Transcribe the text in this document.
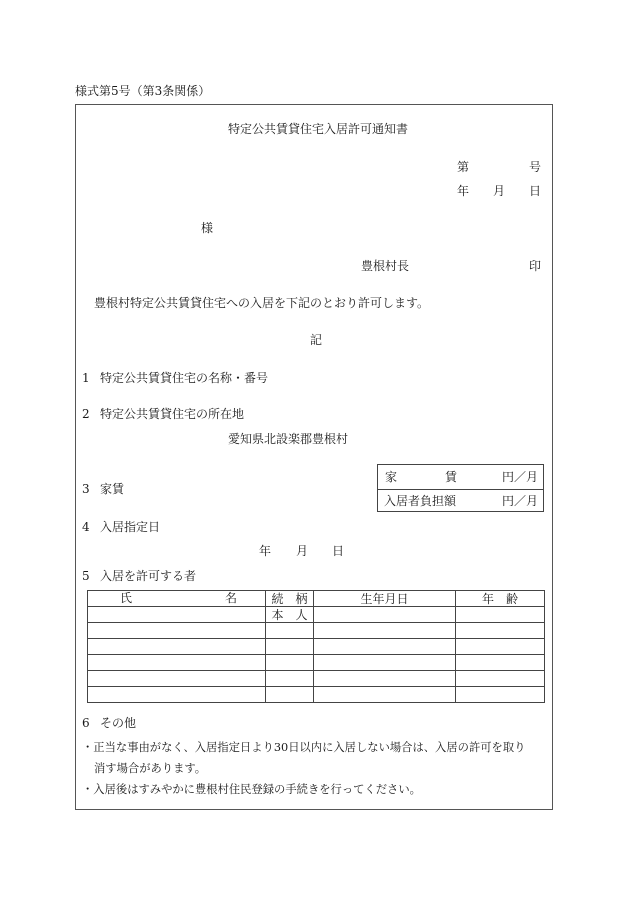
様式第5号（第3条関係）
特定公共賃貸住宅入居許可通知書
第	号
年 月 日
様
豊根村長	印
豊根村特定公共賃貸住宅への入居を下記のとおり許可します。
記
1 特定公共賃貸住宅の名称・番号
2 特定公共賃貸住宅の所在地
愛知県北設楽郡豊根村
3 家賃
家	賃	円／月
入居者負担額	円／月
4 入居指定日
年 月 日
5 入居を許可する者
氏 名	続　柄	生年月日	年　齢
	本　人		

6 その他
・正当な事由がなく、入居指定日より30日以内に入居しない場合は、入居の許可を取り
消す場合があります。
・入居後はすみやかに豊根村住民登録の手続きを行ってください。
